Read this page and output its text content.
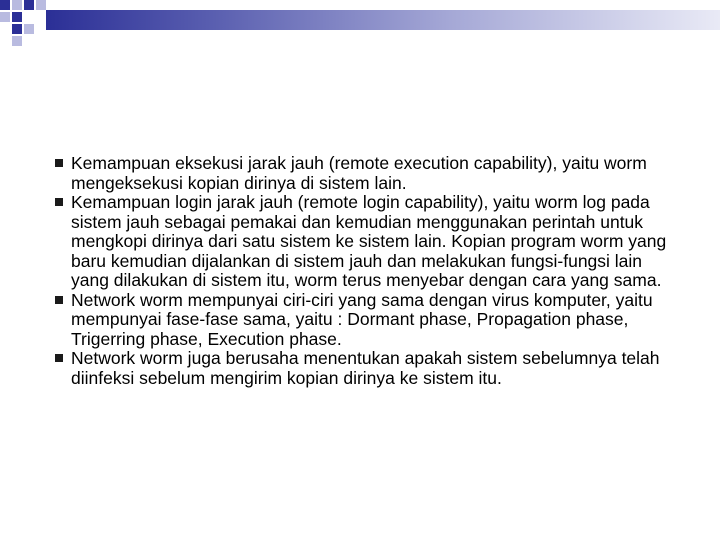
Kemampuan eksekusi jarak jauh (remote execution capability), yaitu worm mengeksekusi kopian dirinya di sistem lain.
Kemampuan login jarak jauh (remote login capability), yaitu worm log pada sistem jauh sebagai pemakai dan kemudian menggunakan perintah untuk mengkopi dirinya dari satu sistem ke sistem lain. Kopian program worm yang baru kemudian dijalankan di sistem jauh dan melakukan fungsi-fungsi lain yang dilakukan di sistem itu, worm terus menyebar dengan cara yang sama.
Network worm mempunyai ciri-ciri yang sama dengan virus komputer, yaitu mempunyai fase-fase sama, yaitu : Dormant phase, Propagation phase, Trigerring phase, Execution phase.
Network worm juga berusaha menentukan apakah sistem sebelumnya telah diinfeksi sebelum mengirim kopian dirinya ke sistem itu.
